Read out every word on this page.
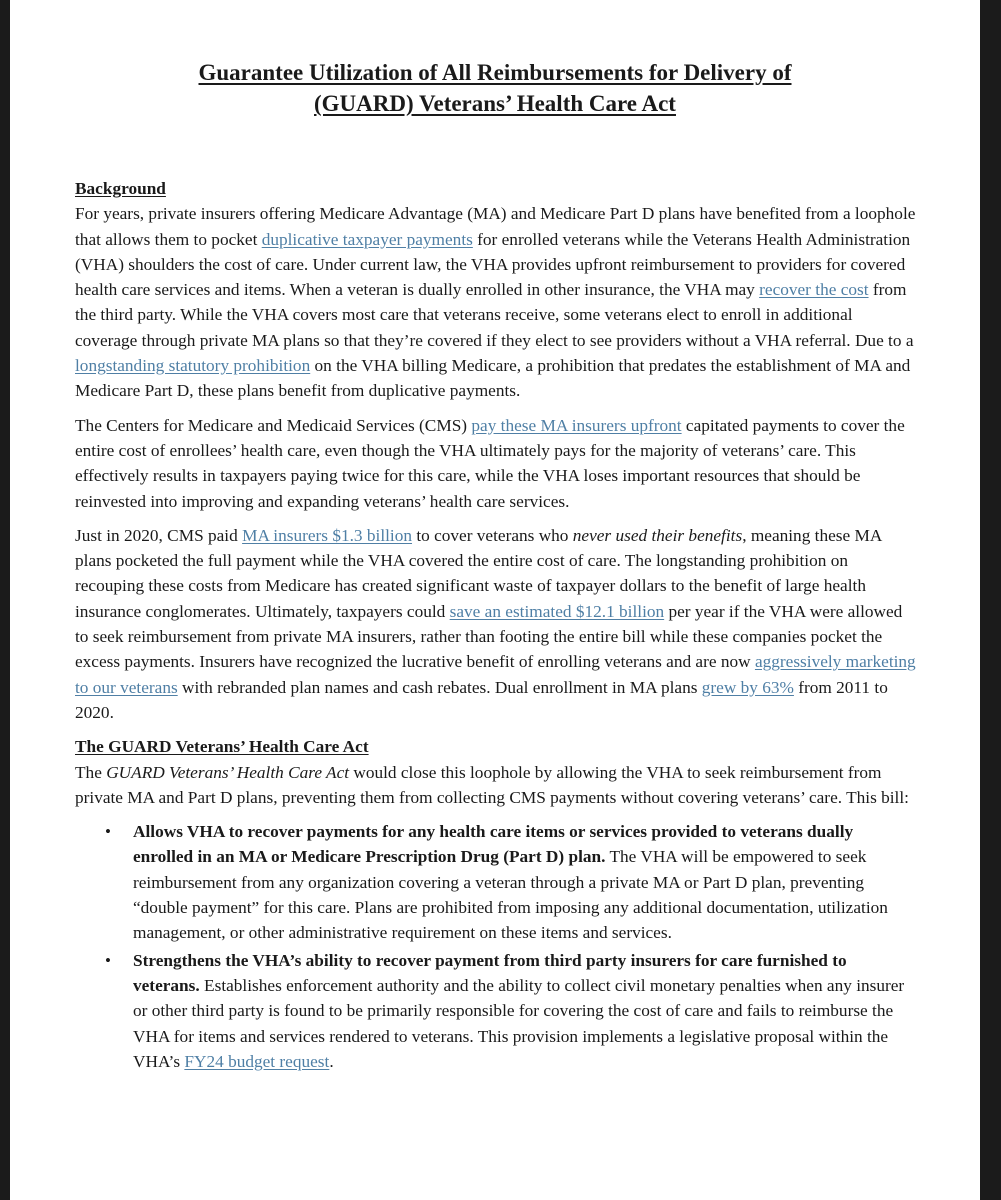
Guarantee Utilization of All Reimbursements for Delivery of
(GUARD) Veterans’ Health Care Act
Background

For years, private insurers offering Medicare Advantage (MA) and Medicare Part D plans have benefited from a loophole that allows them to pocket duplicative taxpayer payments for enrolled veterans while the Veterans Health Administration (VHA) shoulders the cost of care. Under current law, the VHA provides upfront reimbursement to providers for covered health care services and items. When a veteran is dually enrolled in other insurance, the VHA may recover the cost from the third party. While the VHA covers most care that veterans receive, some veterans elect to enroll in additional coverage through private MA plans so that they’re covered if they elect to see providers without a VHA referral. Due to a longstanding statutory prohibition on the VHA billing Medicare, a prohibition that predates the establishment of MA and Medicare Part D, these plans benefit from duplicative payments.

The Centers for Medicare and Medicaid Services (CMS) pay these MA insurers upfront capitated payments to cover the entire cost of enrollees’ health care, even though the VHA ultimately pays for the majority of veterans’ care. This effectively results in taxpayers paying twice for this care, while the VHA loses important resources that should be reinvested into improving and expanding veterans’ health care services.

Just in 2020, CMS paid MA insurers $1.3 billion to cover veterans who never used their benefits, meaning these MA plans pocketed the full payment while the VHA covered the entire cost of care. The longstanding prohibition on recouping these costs from Medicare has created significant waste of taxpayer dollars to the benefit of large health insurance conglomerates. Ultimately, taxpayers could save an estimated $12.1 billion per year if the VHA were allowed to seek reimbursement from private MA insurers, rather than footing the entire bill while these companies pocket the excess payments. Insurers have recognized the lucrative benefit of enrolling veterans and are now aggressively marketing to our veterans with rebranded plan names and cash rebates. Dual enrollment in MA plans grew by 63% from 2011 to 2020.

The GUARD Veterans’ Health Care Act

The GUARD Veterans’ Health Care Act would close this loophole by allowing the VHA to seek reimbursement from private MA and Part D plans, preventing them from collecting CMS payments without covering veterans’ care. This bill:

• Allows VHA to recover payments for any health care items or services provided to veterans dually enrolled in an MA or Medicare Prescription Drug (Part D) plan. The VHA will be empowered to seek reimbursement from any organization covering a veteran through a private MA or Part D plan, preventing “double payment” for this care. Plans are prohibited from imposing any additional documentation, utilization management, or other administrative requirement on these items and services.
• Strengthens the VHA’s ability to recover payment from third party insurers for care furnished to veterans. Establishes enforcement authority and the ability to collect civil monetary penalties when any insurer or other third party is found to be primarily responsible for covering the cost of care and fails to reimburse the VHA for items and services rendered to veterans. This provision implements a legislative proposal within the VHA’s FY24 budget request.
